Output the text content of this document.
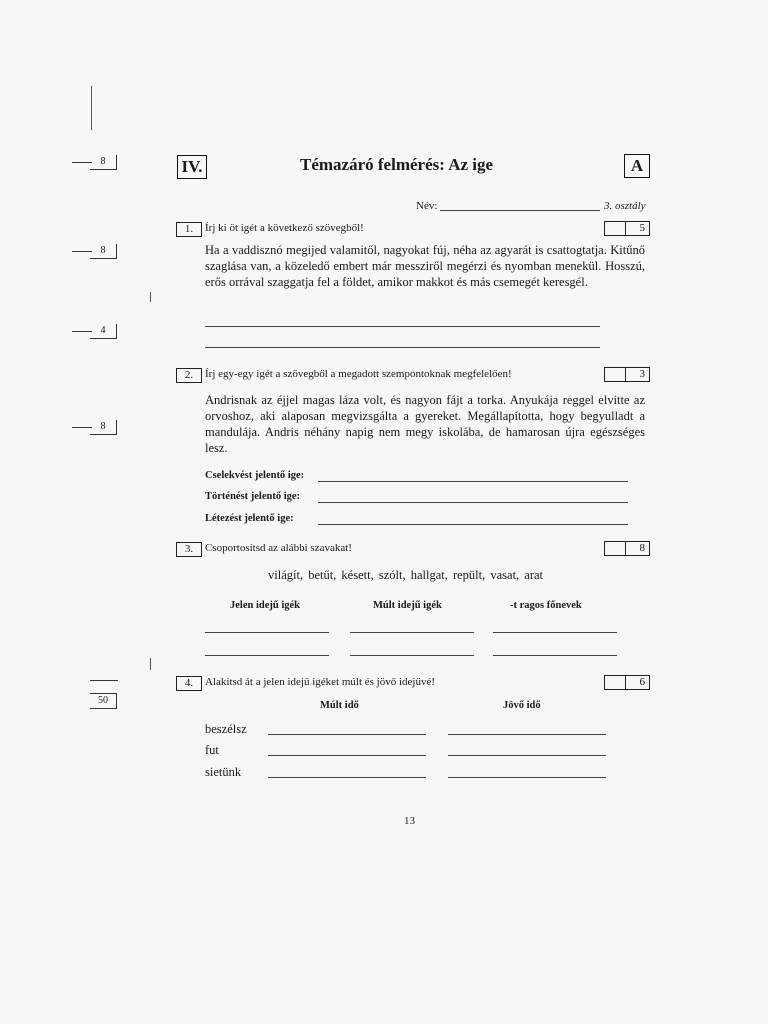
8
8
4
8
50
IV.	Témazáró felmérés: Az ige	A
Név:	3. osztály
1.	Írj ki öt igét a következő szövegből!	5
Ha a vaddisznó megijed valamitől, nagyokat fúj, néha az agyarát is csattogtatja. Kitűnő szaglása van, a közeledő embert már messziről megérzi és nyomban menekül. Hosszú, erős orrával szaggatja fel a földet, amikor makkot és más csemegét keresgél.
2.	Írj egy-egy igét a szövegből a megadott szempontoknak megfelelően!	3
Andrisnak az éjjel magas láza volt, és nagyon fájt a torka. Anyukája reggel elvitte az orvoshoz, aki alaposan megvizsgálta a gyereket. Megállapította, hogy begyulladt a mandulája. Andris néhány napig nem megy iskolába, de hamarosan újra egészséges lesz.
Cselekvést jelentő ige:
Történést jelentő ige:
Létezést jelentő ige:
3.	Csoportosítsd az alábbi szavakat!	8
világít, betűt, késett, szólt, hallgat, repült, vasat, arat
Jelen idejű igék	Múlt idejű igék	-t ragos főnevek
4.	Alakítsd át a jelen idejű igéket múlt és jövő idejűvé!	6
Múlt idő	Jövő idő
beszélsz
fut
sietünk
13
